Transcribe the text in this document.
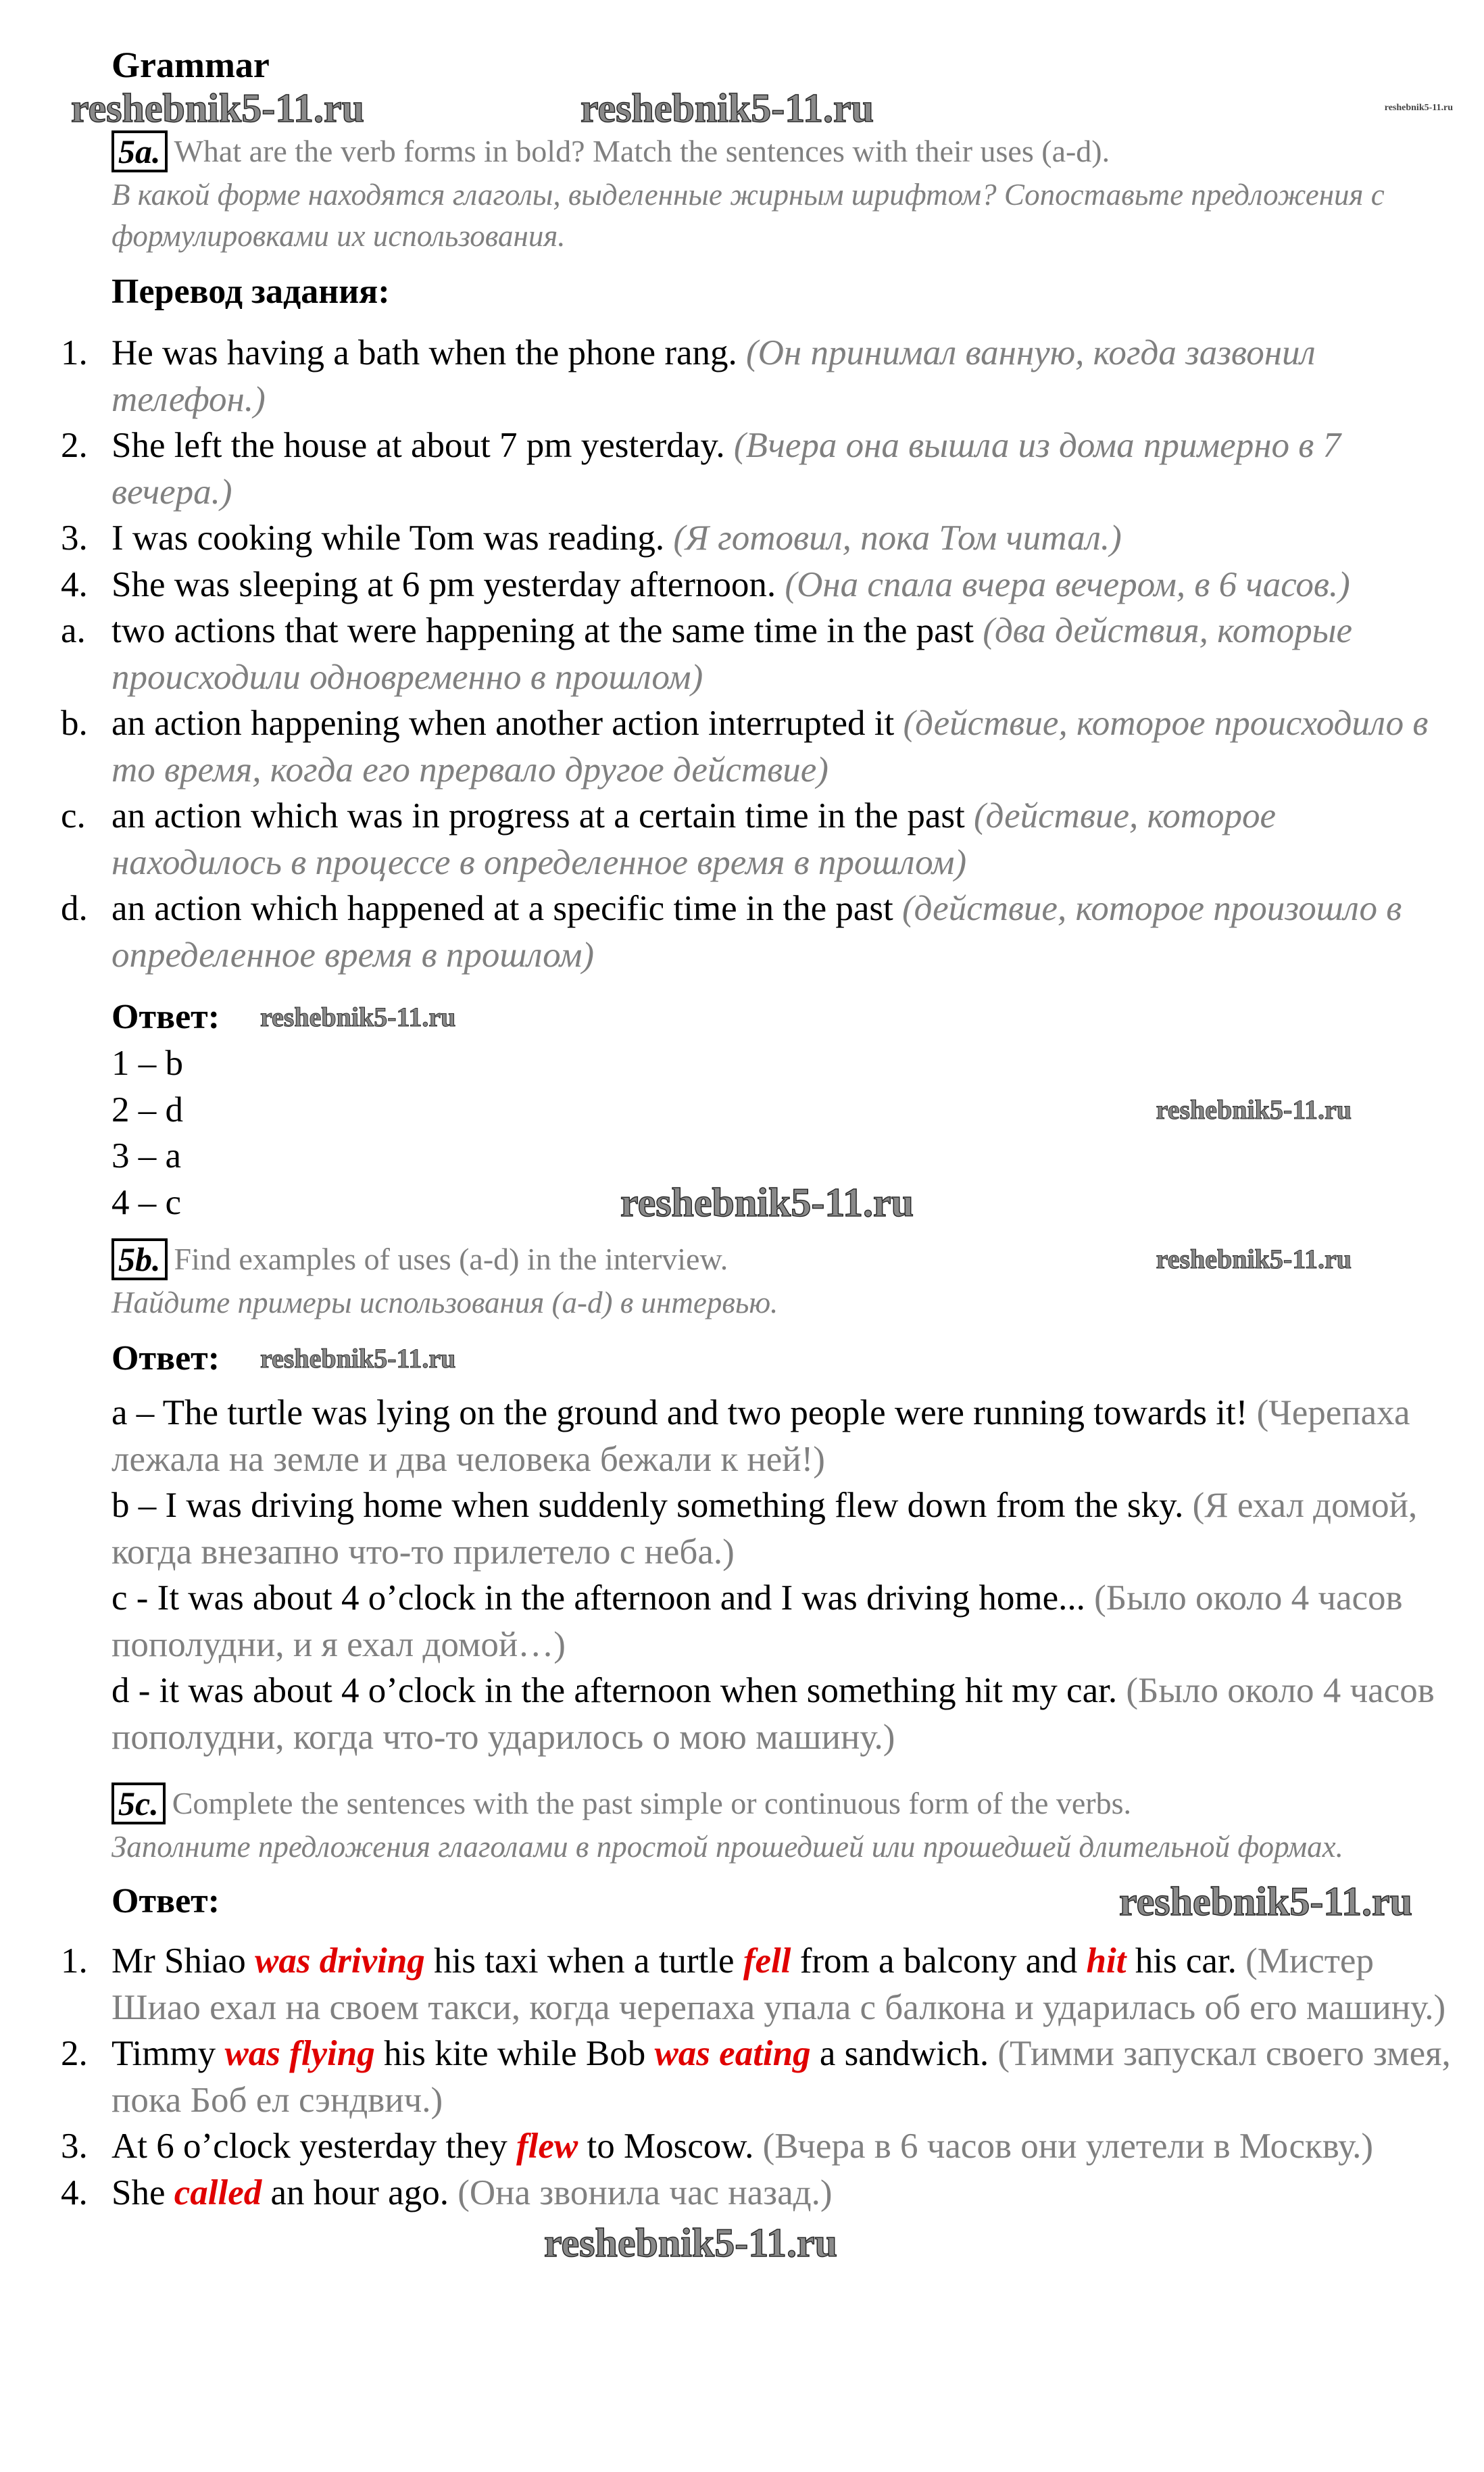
Grammar
reshebnik5-11.ru	reshebnik5-11.ru	reshebnik5-11.ru
5a. What are the verb forms in bold? Match the sentences with their uses (a-d).
В какой форме находятся глаголы, выделенные жирным шрифтом? Сопоставьте предложения с формулировками их использования.
Перевод задания:
1. He was having a bath when the phone rang. (Он принимал ванную, когда зазвонил телефон.)
2. She left the house at about 7 pm yesterday. (Вчера она вышла из дома примерно в 7 вечера.)
3. I was cooking while Tom was reading. (Я готовил, пока Том читал.)
4. She was sleeping at 6 pm yesterday afternoon. (Она спала вчера вечером, в 6 часов.)
a. two actions that were happening at the same time in the past (два действия, которые происходили одновременно в прошлом)
b. an action happening when another action interrupted it (действие, которое происходило в то время, когда его прервало другое действие)
c. an action which was in progress at a certain time in the past (действие, которое находилось в процессе в определенное время в прошлом)
d. an action which happened at a specific time in the past (действие, которое произошло в определенное время в прошлом)
Ответ: reshebnik5-11.ru
1 – b
2 – d	reshebnik5-11.ru
3 – a
4 – c	reshebnik5-11.ru
5b. Find examples of uses (a-d) in the interview.	reshebnik5-11.ru
Найдите примеры использования (a-d) в интервью.
Ответ: reshebnik5-11.ru
a – The turtle was lying on the ground and two people were running towards it! (Черепаха лежала на земле и два человека бежали к ней!)
b – I was driving home when suddenly something flew down from the sky. (Я ехал домой, когда внезапно что-то прилетело с неба.)
c - It was about 4 o’clock in the afternoon and I was driving home... (Было около 4 часов пополудни, и я ехал домой…)
d - it was about 4 o’clock in the afternoon when something hit my car. (Было около 4 часов пополудни, когда что-то ударилось о мою машину.)
5c. Complete the sentences with the past simple or continuous form of the verbs.
Заполните предложения глаголами в простой прошедшей или прошедшей длительной формах.
Ответ:	reshebnik5-11.ru
1. Mr Shiao was driving his taxi when a turtle fell from a balcony and hit his car. (Мистер Шиао ехал на своем такси, когда черепаха упала с балкона и ударилась об его машину.)
2. Timmy was flying his kite while Bob was eating a sandwich. (Тимми запускал своего змея, пока Боб ел сэндвич.)
3. At 6 o’clock yesterday they flew to Moscow. (Вчера в 6 часов они улетели в Москву.)
4. She called an hour ago. (Она звонила час назад.)
reshebnik5-11.ru
